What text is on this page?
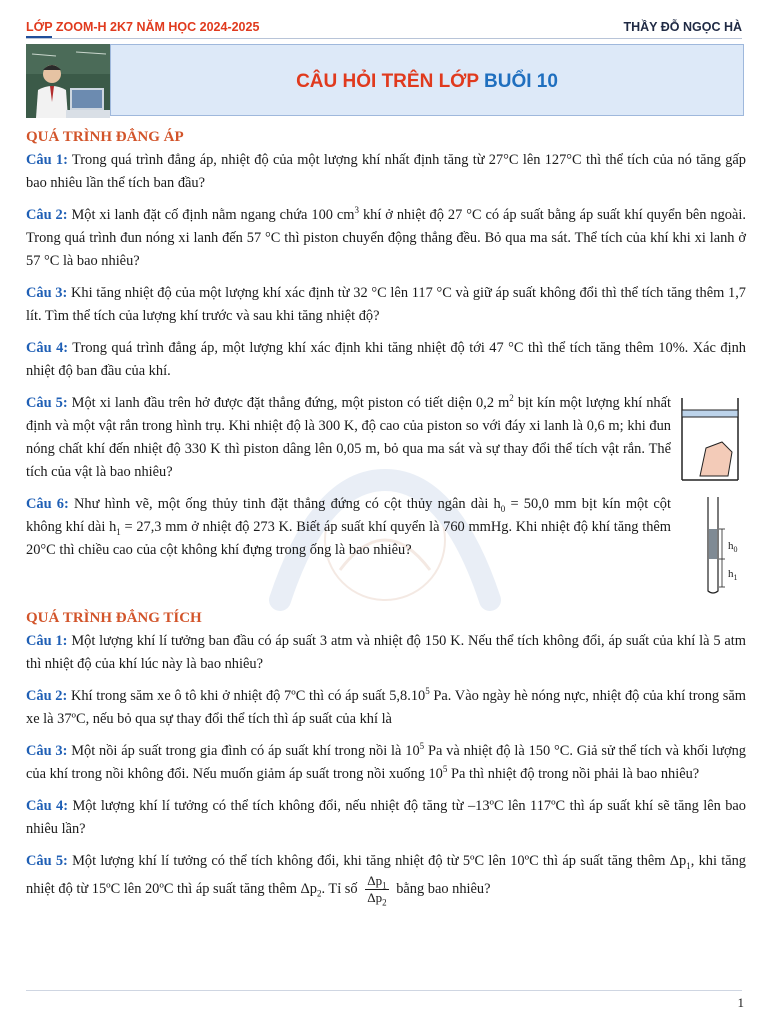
LỚP ZOOM-H 2K7 NĂM HỌC 2024-2025	THẦY ĐỖ NGỌC HÀ
CÂU HỎI TRÊN LỚP BUỔI 10

QUÁ TRÌNH ĐẲNG ÁP

Câu 1: Trong quá trình đẳng áp, nhiệt độ của một lượng khí nhất định tăng từ 27°C lên 127°C thì thể tích của nó tăng gấp bao nhiêu lần thể tích ban đầu?

Câu 2: Một xi lanh đặt cố định nằm ngang chứa 100 $cm^3$ khí ở nhiệt độ 27 °C có áp suất bằng áp suất khí quyển bên ngoài. Trong quá trình đun nóng xi lanh đến 57 °C thì piston chuyển động thẳng đều. Bỏ qua ma sát. Thể tích của khí khi xi lanh ở 57 °C là bao nhiêu?

Câu 3: Khi tăng nhiệt độ của một lượng khí xác định từ 32 °C lên 117 °C và giữ áp suất không đổi thì thể tích tăng thêm 1,7 lít. Tìm thể tích của lượng khí trước và sau khi tăng nhiệt độ?

Câu 4: Trong quá trình đẳng áp, một lượng khí xác định khi tăng nhiệt độ tới 47 °C thì thể tích tăng thêm 10%. Xác định nhiệt độ ban đầu của khí.

Câu 5: Một xi lanh đầu trên hở được đặt thẳng đứng, một piston có tiết diện 0,2 $m^2$ bịt kín một lượng khí nhất định và một vật rắn trong hình trụ. Khi nhiệt độ là 300 K, độ cao của piston so với đáy xi lanh là 0,6 m; khi đun nóng chất khí đến nhiệt độ 330 K thì piston dâng lên 0,05 m, bỏ qua ma sát và sự thay đổi thể tích vật rắn. Thể tích của vật là bao nhiêu?

Câu 6: Như hình vẽ, một ống thủy tinh đặt thẳng đứng có cột thủy ngân dài $h_0 = 50,0$ mm bịt kín một cột không khí dài $h_1 = 27,3$ mm ở nhiệt độ 273 K. Biết áp suất khí quyển là 760 mmHg. Khi nhiệt độ khí tăng thêm 20°C thì chiều cao của cột không khí đựng trong ống là bao nhiêu?	$h_0$
$h_1$

QUÁ TRÌNH ĐẲNG TÍCH

Câu 1: Một lượng khí lí tưởng ban đầu có áp suất 3 atm và nhiệt độ 150 K. Nếu thể tích không đổi, áp suất của khí là 5 atm thì nhiệt độ của khí lúc này là bao nhiêu?

Câu 2: Khí trong săm xe ô tô khi ở nhiệt độ 7ºC thì có áp suất 5,8.10$^5$ Pa. Vào ngày hè nóng nực, nhiệt độ của khí trong săm xe là 37ºC, nếu bỏ qua sự thay đổi thể tích thì áp suất của khí là

Câu 3: Một nồi áp suất trong gia đình có áp suất khí trong nồi là $10^5$ Pa và nhiệt độ là 150 °C. Giả sử thể tích và khối lượng của khí trong nồi không đổi. Nếu muốn giảm áp suất trong nồi xuống $10^5$ Pa thì nhiệt độ trong nồi phải là bao nhiêu?

Câu 4: Một lượng khí lí tưởng có thể tích không đổi, nếu nhiệt độ tăng từ –13ºC lên 117ºC thì áp suất khí sẽ tăng lên bao nhiêu lần?

Câu 5: Một lượng khí lí tưởng có thể tích không đổi, khi tăng nhiệt độ từ 5ºC lên 10ºC thì áp suất tăng thêm $\Delta p_1$, khi tăng nhiệt độ từ 15ºC lên 20ºC thì áp suất tăng thêm $\Delta p_2$. Tỉ số $\frac{\Delta p_1}{\Delta p_2}$ bằng bao nhiêu?

1
